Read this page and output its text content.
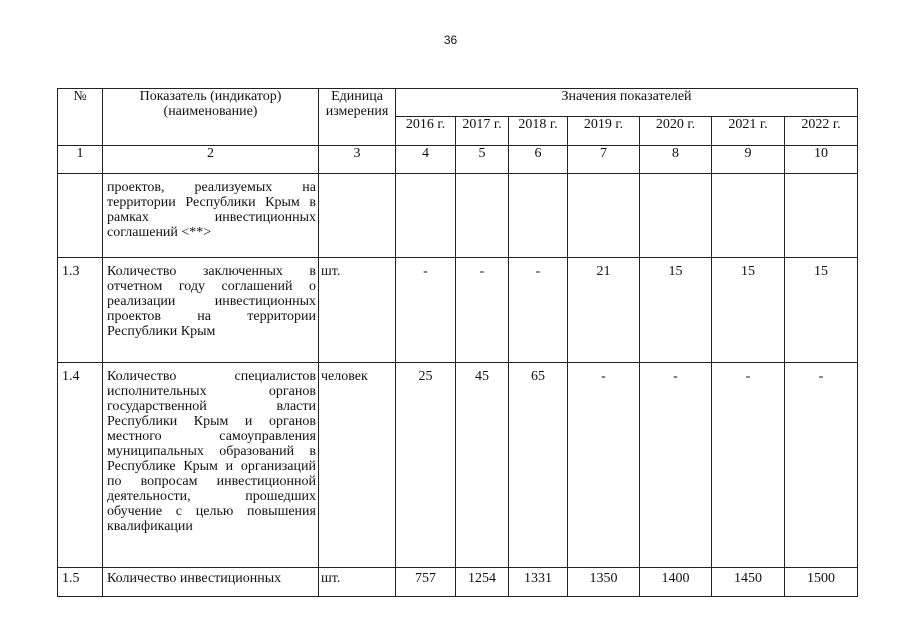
36
№	Показатель (индикатор) (наименование)	Единица измерения	Значения показателей						
			2016 г.	2017 г.	2018 г.	2019 г.	2020 г.	2021 г.	2022 г.
1	2	3	4	5	6	7	8	9	10
	проектов, реализуемых на территории Республики Крым в рамках инвестиционных соглашений <**>								
1.3	Количество заключенных в отчетном году соглашений о реализации инвестиционных проектов на территории Республики Крым	шт.	-	-	-	21	15	15	15
1.4	Количество специалистов исполнительных органов государственной власти Республики Крым и органов местного самоуправления муниципальных образований в Республике Крым и организаций по вопросам инвестиционной деятельности, прошедших обучение с целью повышения квалификации	человек	25	45	65	-	-	-	-
1.5	Количество инвестиционных	шт.	757	1254	1331	1350	1400	1450	1500
